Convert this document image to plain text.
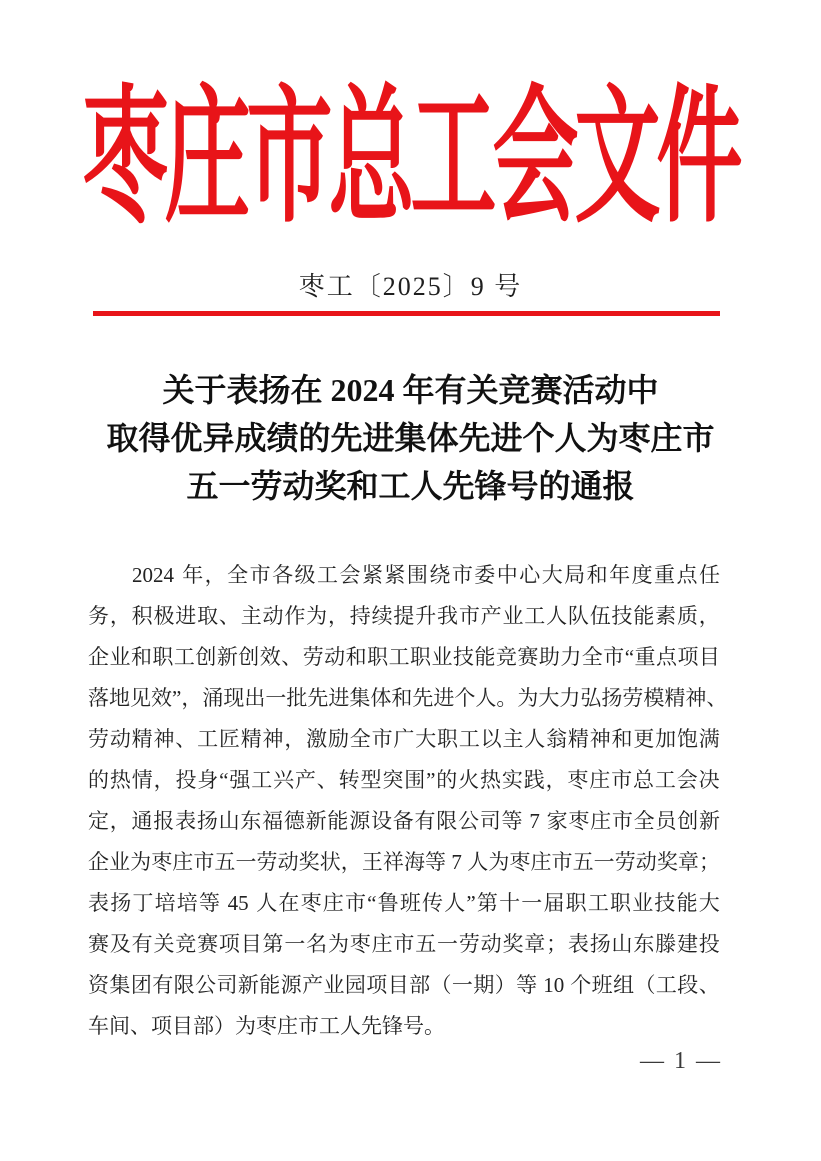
枣庄市总工会文件
枣工〔2025〕9 号
关于表扬在 2024 年有关竞赛活动中
取得优异成绩的先进集体先进个人为枣庄市
五一劳动奖和工人先锋号的通报
2024
年 ， 全 市 各 级 工 会 紧 紧 围 绕 市 委 中 心 大 局 和 年 度 重 点 任
务 ， 积 极 进 取 、 主 动 作 为 ， 持 续 提 升 我 市 产 业 工 人 队 伍 技 能 素 质 ，
企 业 和 职 工 创 新 创 效 、 劳 动 和 职 工 职 业 技 能 竞 赛 助 力 全 市 “ 重 点 项 目
落 地 见 效 ” ， 涌 现 出 一 批 先 进 集 体 和 先 进 个 人 。 为 大 力 弘 扬 劳 模 精 神 、
劳 动 精 神 、 工 匠 精 神 ， 激 励 全 市 广 大 职 工 以 主 人 翁 精 神 和 更 加 饱 满
的 热 情 ， 投 身 “ 强 工 兴 产 、 转 型 突 围 ” 的 火 热 实 践 ， 枣 庄 市 总 工 会 决
定 ， 通 报 表 扬 山 东 福 德 新 能 源 设 备 有 限 公 司 等
7
家 枣 庄 市 全 员 创 新
企 业 为 枣 庄 市 五 一 劳 动 奖 状 ， 王 祥 海 等
7
人 为 枣 庄 市 五 一 劳 动 奖 章 ；
表 扬 丁 培 培 等
45
人 在 枣 庄 市 “ 鲁 班 传 人 ” 第 十 一 届 职 工 职 业 技 能 大
赛 及 有 关 竞 赛 项 目 第 一 名 为 枣 庄 市 五 一 劳 动 奖 章 ； 表 扬 山 东 滕 建 投
资 集 团 有 限 公 司 新 能 源 产 业 园 项 目 部 （ 一 期 ） 等
10
个 班 组 （ 工 段 、
车 间 、 项 目 部 ） 为 枣 庄 市 工 人 先 锋 号 。
— 1 —
